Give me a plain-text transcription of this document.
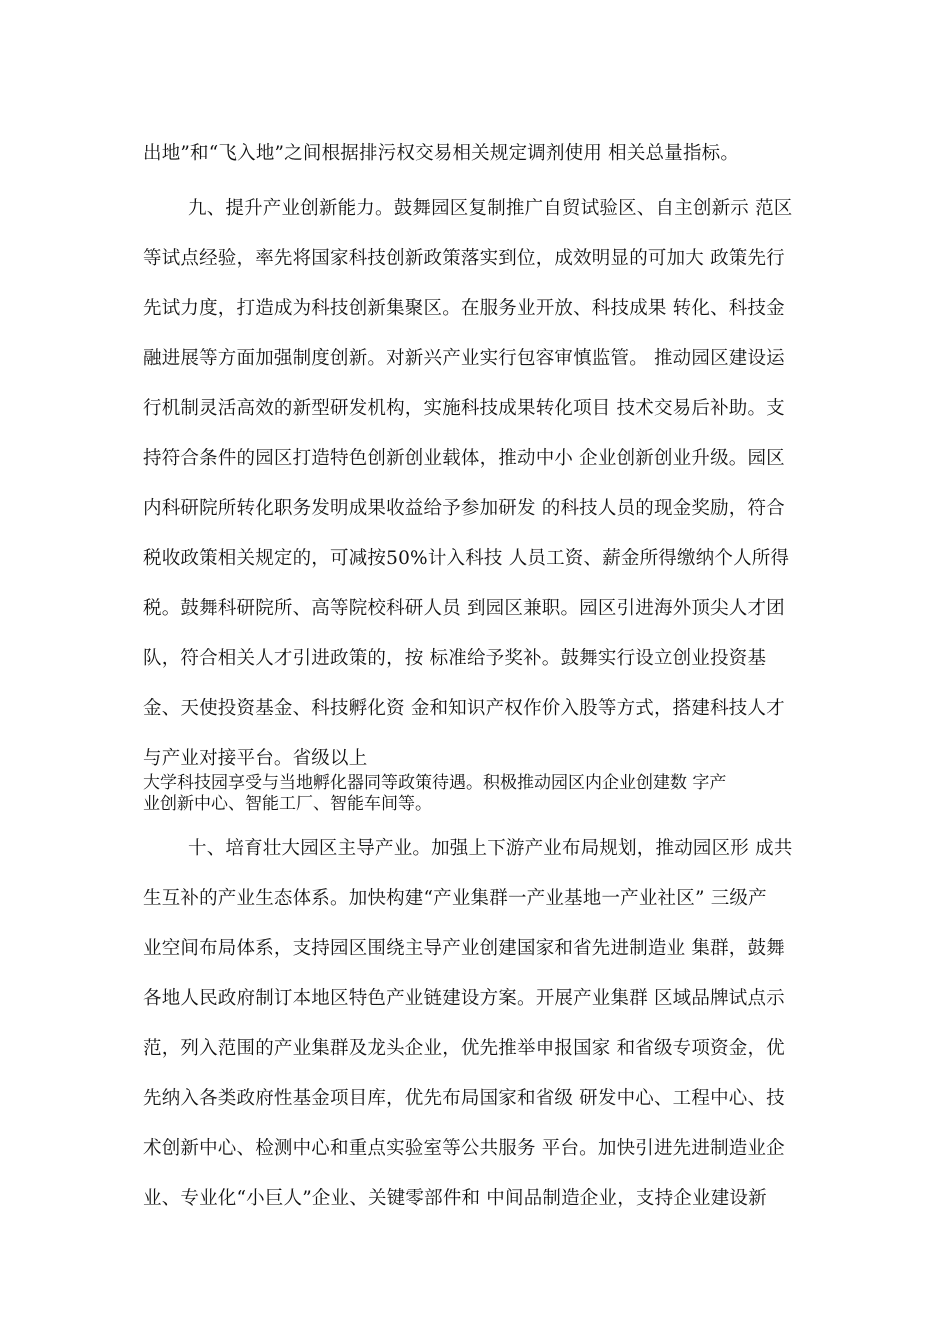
出地”和“飞入地”之间根据排污权交易相关规定调剂使用 相关总量指标。
九、提升产业创新能力。鼓舞园区复制推广自贸试验区、自主创新示 范区
等试点经验，率先将国家科技创新政策落实到位，成效明显的可加大 政策先行
先试力度，打造成为科技创新集聚区。在服务业开放、科技成果 转化、科技金
融进展等方面加强制度创新。对新兴产业实行包容审慎监管。 推动园区建设运
行机制灵活高效的新型研发机构，实施科技成果转化项目 技术交易后补助。支
持符合条件的园区打造特色创新创业载体，推动中小 企业创新创业升级。园区
内科研院所转化职务发明成果收益给予参加研发 的科技人员的现金奖励，符合
税收政策相关规定的，可减按50%计入科技 人员工资、薪金所得缴纳个人所得
税。鼓舞科研院所、高等院校科研人员 到园区兼职。园区引进海外顶尖人才团
队，符合相关人才引进政策的，按 标准给予奖补。鼓舞实行设立创业投资基
金、天使投资基金、科技孵化资 金和知识产权作价入股等方式，搭建科技人才
与产业对接平台。省级以上
大学科技园享受与当地孵化器同等政策待遇。积极推动园区内企业创建数 字产
业创新中心、智能工厂、智能车间等。
十、培育壮大园区主导产业。加强上下游产业布局规划，推动园区形 成共
生互补的产业生态体系。加快构建“产业集群一产业基地一产业社区” 三级产
业空间布局体系，支持园区围绕主导产业创建国家和省先进制造业 集群，鼓舞
各地人民政府制订本地区特色产业链建设方案。开展产业集群 区域品牌试点示
范，列入范围的产业集群及龙头企业，优先推举申报国家 和省级专项资金，优
先纳入各类政府性基金项目库，优先布局国家和省级 研发中心、工程中心、技
术创新中心、检测中心和重点实验室等公共服务 平台。加快引进先进制造业企
业、专业化“小巨人”企业、关键零部件和 中间品制造企业，支持企业建设新
